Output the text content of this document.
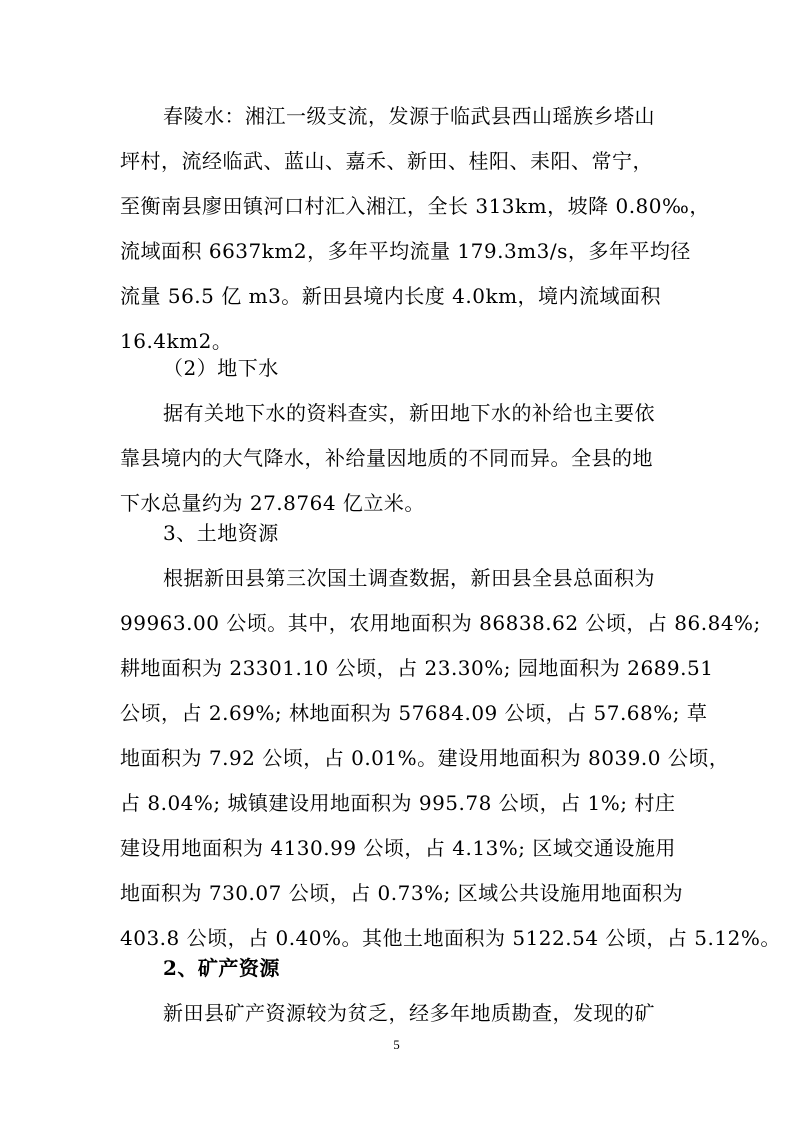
春陵水：湘江一级支流，发源于临武县西山瑶族乡塔山
坪村，流经临武、蓝山、嘉禾、新田、桂阳、耒阳、常宁，
至衡南县廖田镇河口村汇入湘江，全长 313km，坡降 0.80‰，
流域面积 6637km2，多年平均流量 179.3m3/s，多年平均径
流量 56.5 亿 m3。新田县境内长度 4.0km，境内流域面积
16.4km2。
（2）地下水
据有关地下水的资料查实，新田地下水的补给也主要依
靠县境内的大气降水，补给量因地质的不同而异。全县的地
下水总量约为 27.8764 亿立米。
3、土地资源
根据新田县第三次国土调查数据，新田县全县总面积为
99963.00 公顷。其中，农用地面积为 86838.62 公顷，占 86.84%;
耕地面积为 23301.10 公顷，占 23.30%; 园地面积为 2689.51
公顷，占 2.69%; 林地面积为 57684.09 公顷，占 57.68%; 草
地面积为 7.92 公顷，占 0.01%。建设用地面积为 8039.0 公顷，
占 8.04%; 城镇建设用地面积为 995.78 公顷，占 1%; 村庄
建设用地面积为 4130.99 公顷，占 4.13%; 区域交通设施用
地面积为 730.07 公顷，占 0.73%; 区域公共设施用地面积为
403.8 公顷，占 0.40%。其他土地面积为 5122.54 公顷，占 5.12%。
2、矿产资源
新田县矿产资源较为贫乏，经多年地质勘查，发现的矿
5
